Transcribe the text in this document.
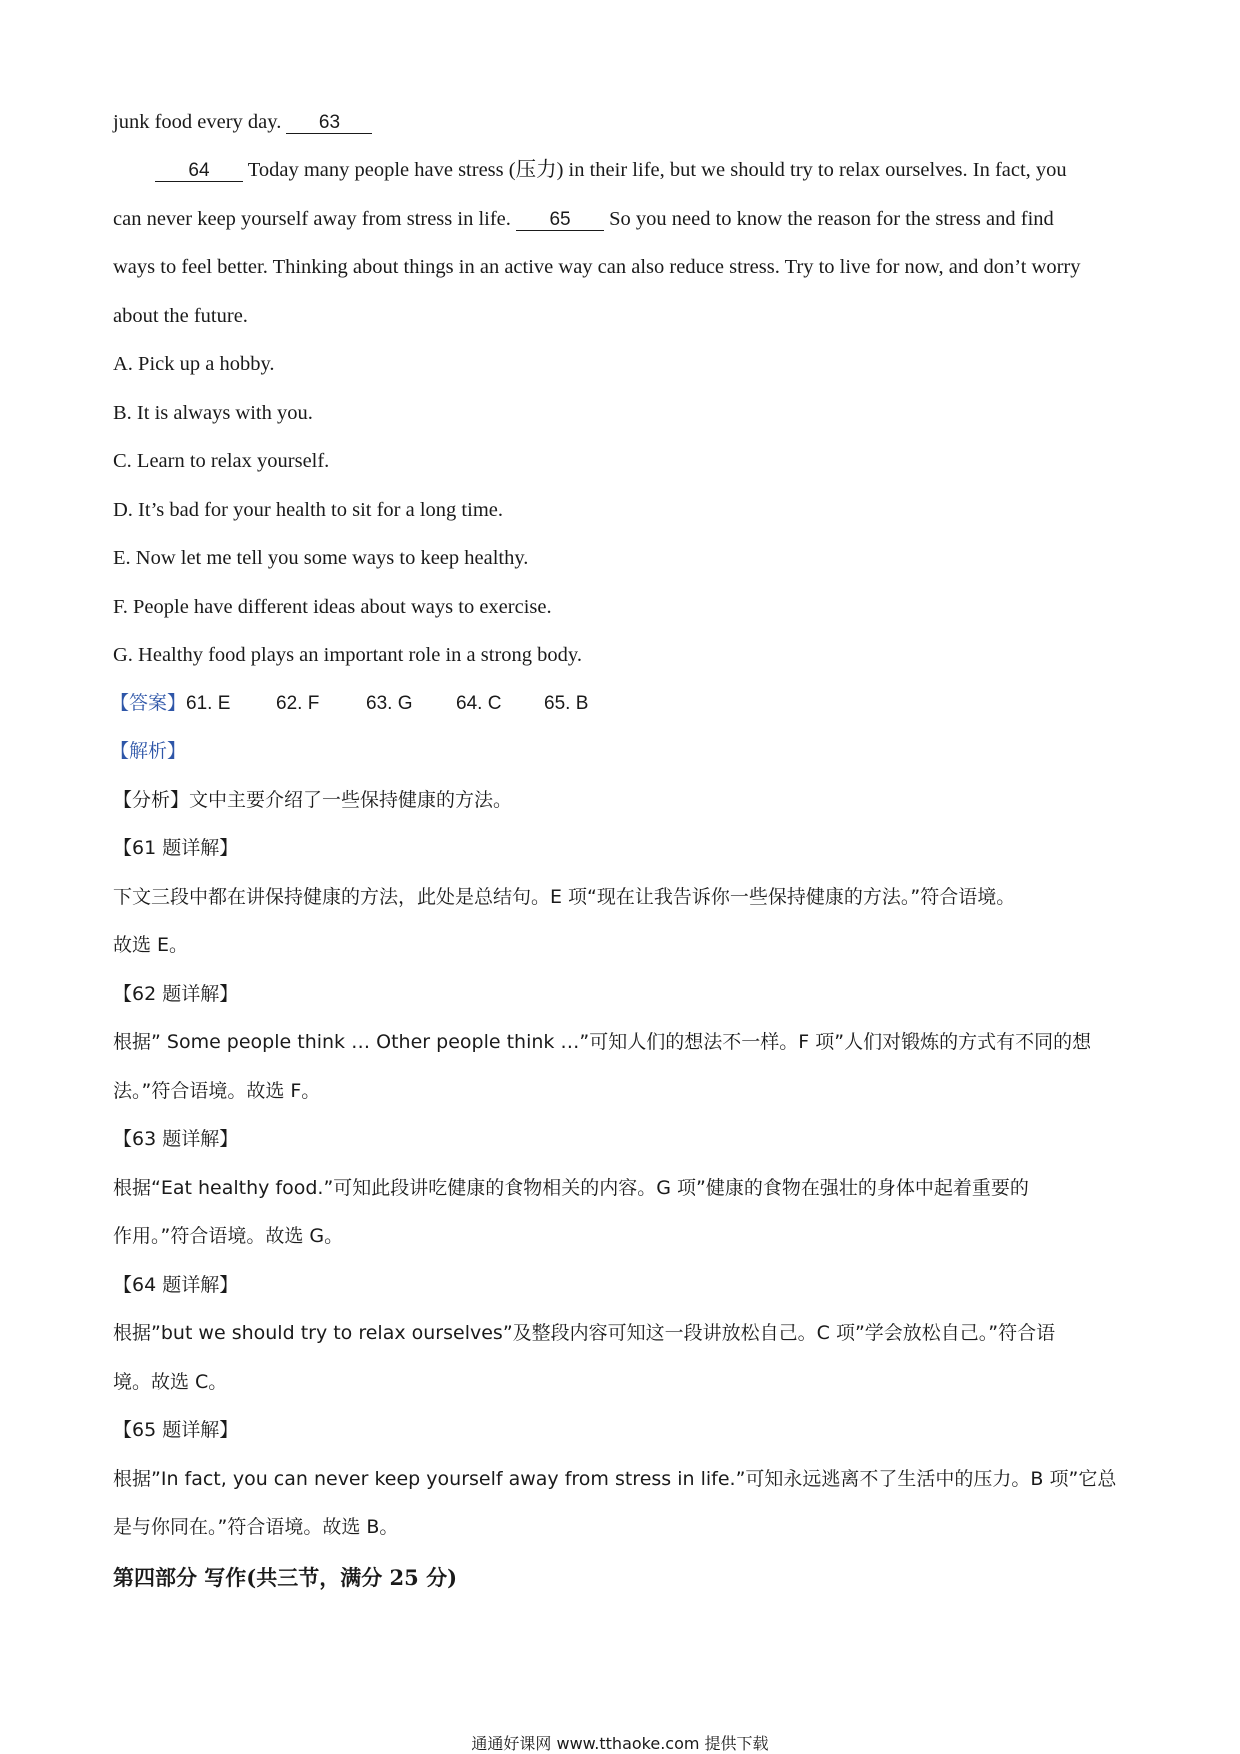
junk food every day. 63
64 Today many people have stress (压力) in their life, but we should try to relax ourselves. In fact, you
can never keep yourself away from stress in life. 65 So you need to know the reason for the stress and find
ways to feel better. Thinking about things in an active way can also reduce stress. Try to live for now, and don’t worry
about the future.
A. Pick up a hobby.
B. It is always with you.
C. Learn to relax yourself.
D. It’s bad for your health to sit for a long time.
E. Now let me tell you some ways to keep healthy.
F. People have different ideas about ways to exercise.
G. Healthy food plays an important role in a strong body.
【答案】61. E 62. F 63. G 64. C 65. B
【解析】
【分析】文中主要介绍了一些保持健康的方法。
【61 题详解】
下文三段中都在讲保持健康的方法，此处是总结句。E 项“现在让我告诉你一些保持健康的方法。”符合语境。
故选 E。
【62 题详解】
根据” Some people think … Other people think …”可知人们的想法不一样。F 项”人们对锻炼的方式有不同的想
法。”符合语境。故选 F。
【63 题详解】
根据“Eat healthy food.”可知此段讲吃健康的食物相关的内容。G 项”健康的食物在强壮的身体中起着重要的
作用。”符合语境。故选 G。
【64 题详解】
根据”but we should try to relax ourselves”及整段内容可知这一段讲放松自己。C 项”学会放松自己。”符合语
境。故选 C。
【65 题详解】
根据”In fact, you can never keep yourself away from stress in life.”可知永远逃离不了生活中的压力。B 项”它总
是与你同在。”符合语境。故选 B。
第四部分 写作(共三节，满分 25 分)
通通好课网 www.tthaoke.com 提供下载
